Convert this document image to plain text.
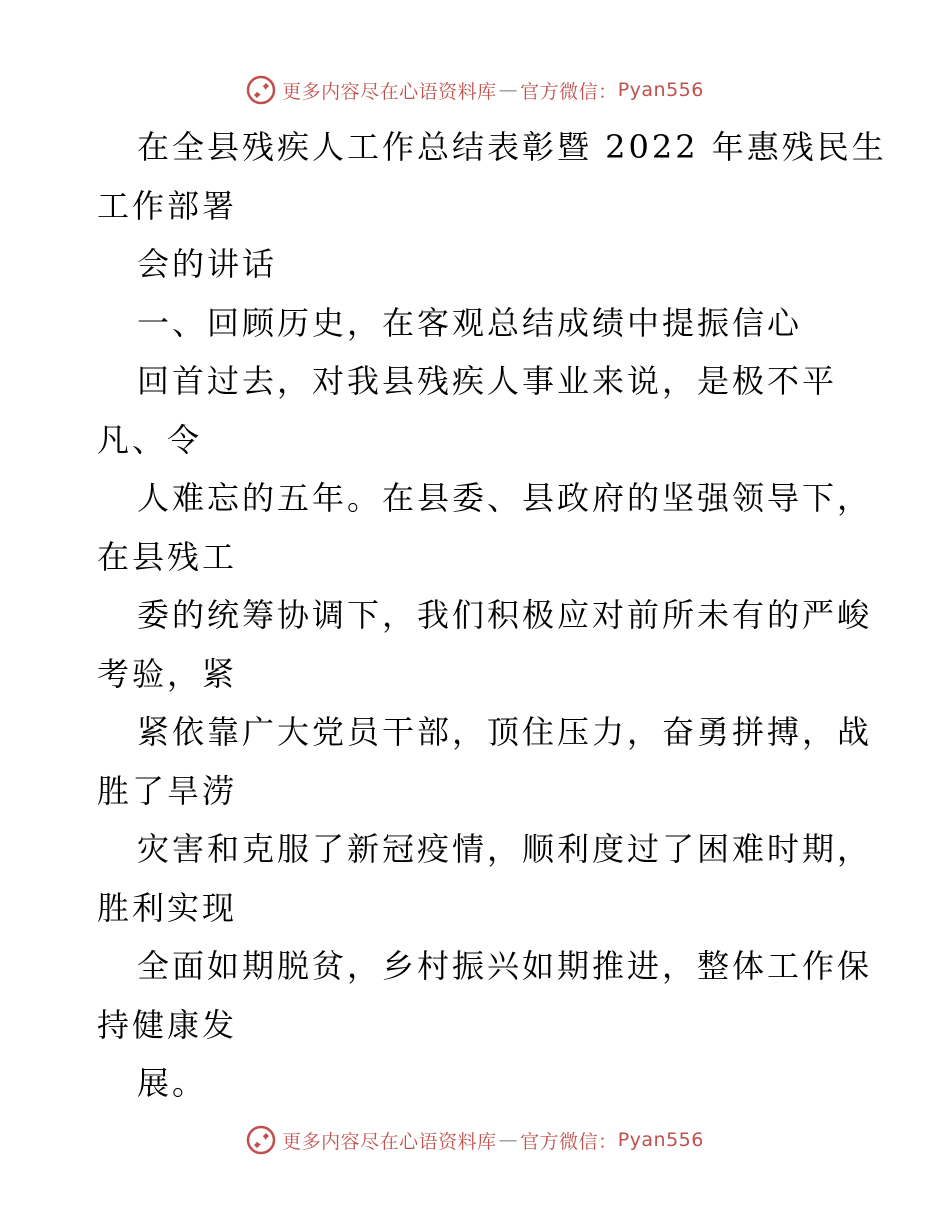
更多内容尽在心语资料库 — 官方微信： Pyan556
在全县残疾人工作总结表彰暨 2022 年惠残民生
工作部署
会的讲话
一、回顾历史，在客观总结成绩中提振信心
回首过去，对我县残疾人事业来说，是极不平
凡、令
人难忘的五年。在县委、县政府的坚强领导下，
在县残工
委的统筹协调下，我们积极应对前所未有的严峻
考验，紧
紧依靠广大党员干部，顶住压力，奋勇拼搏，战
胜了旱涝
灾害和克服了新冠疫情，顺利度过了困难时期，
胜利实现
全面如期脱贫，乡村振兴如期推进，整体工作保
持健康发
展。
更多内容尽在心语资料库 — 官方微信： Pyan556
